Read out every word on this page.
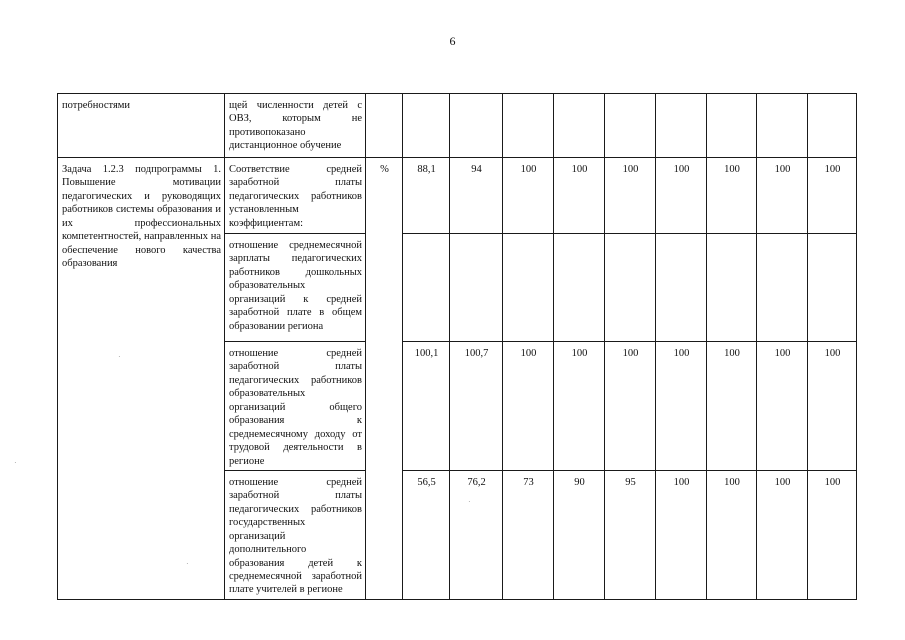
6
потребностями	щей численности детей с ОВЗ, которым не противопоказано дистанционное обучение										
Задача 1.2.3 подпрограммы 1. Повышение мотивации педагогических и руководящих работников системы образования и их профессиональных компетентностей, направленных на обеспечение нового качества образования	Соответствие средней заработной платы педагогических работников установленным коэффициентам:	%	88,1	94	100	100	100	100	100	100	100
	отношение среднемесячной зарплаты педагогических работников дошкольных образовательных организаций к средней заработной плате в общем образовании региона										
	отношение средней заработной платы педагогических работников образовательных организаций общего образования к среднемесячному доходу от трудовой деятельности в регионе		100,1	100,7	100	100	100	100	100	100	100
	отношение средней заработной платы педагогических работников государственных организаций дополнительного образования детей к среднемесячной заработной плате учителей в регионе		56,5	76,2	73	90	95	100	100	100	100
·
·
·
·
